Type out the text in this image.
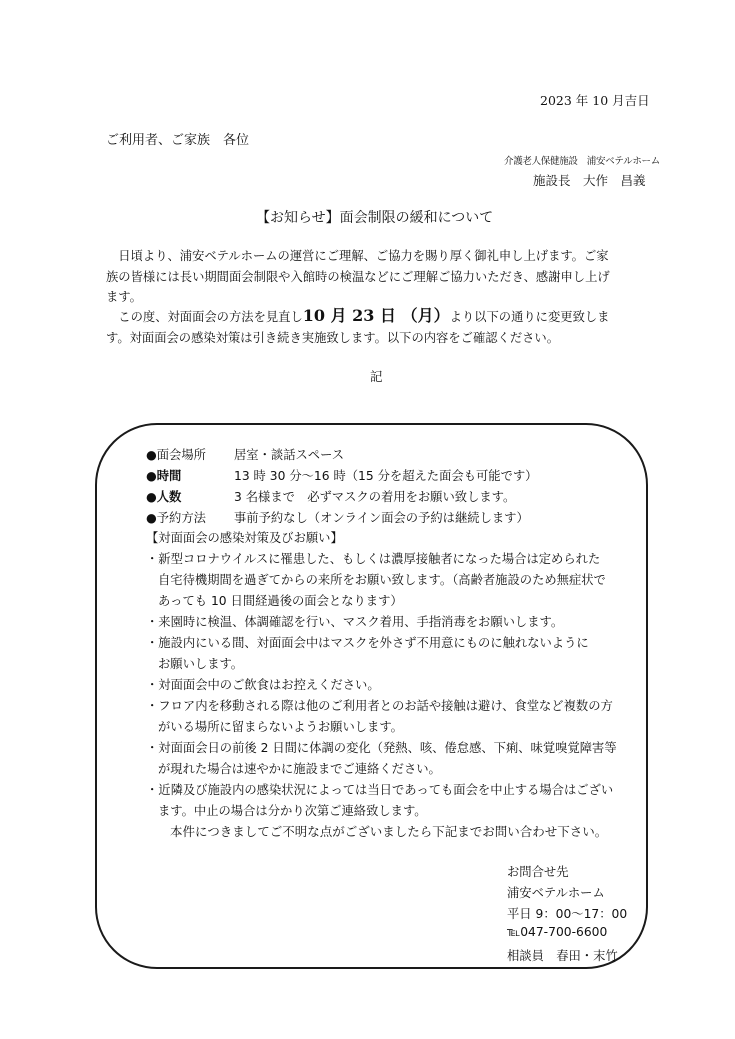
2023 年 10 月吉日
ご利用者、ご家族　各位
介護老人保健施設　浦安ベテルホーム
施設長　大作　昌義
【お知らせ】面会制限の緩和について
　日頃より、浦安ベテルホームの運営にご理解、ご協力を賜り厚く御礼申し上げます。ご家
族の皆様には長い期間面会制限や入館時の検温などにご理解ご協力いただき、感謝申し上げ
ます。
　この度、対面面会の方法を見直し10 月 23 日 （月）より以下の通りに変更致しま
す。対面面会の感染対策は引き続き実施致します。以下の内容をご確認ください。
記
●面会場所 居室・談話スペース
●時間	13 時 30 分～16 時（15 分を超えた面会も可能です）
●人数	3 名様まで　必ずマスクの着用をお願い致します。
●予約方法 事前予約なし（オンライン面会の予約は継続します）
【対面面会の感染対策及びお願い】
・新型コロナウイルスに罹患した、もしくは濃厚接触者になった場合は定められた
自宅待機期間を過ぎてからの来所をお願い致します。（高齢者施設のため無症状で
あっても 10 日間経過後の面会となります）
・来園時に検温、体調確認を行い、マスク着用、手指消毒をお願いします。
・施設内にいる間、対面面会中はマスクを外さず不用意にものに触れないように
お願いします。
・対面面会中のご飲食はお控えください。
・フロア内を移動される際は他のご利用者とのお話や接触は避け、食堂など複数の方
がいる場所に留まらないようお願いします。
・対面面会日の前後 2 日間に体調の変化（発熱、咳、倦怠感、下痢、味覚嗅覚障害等
が現れた場合は速やかに施設までご連絡ください。
・近隣及び施設内の感染状況によっては当日であっても面会を中止する場合はござい
ます。中止の場合は分かり次第ご連絡致します。
本件につきましてご不明な点がございましたら下記までお問い合わせ下さい。
お問合せ先
浦安ベテルホーム
平日 9：00～17：00
℡047-700-6600
相談員　春田・末竹
